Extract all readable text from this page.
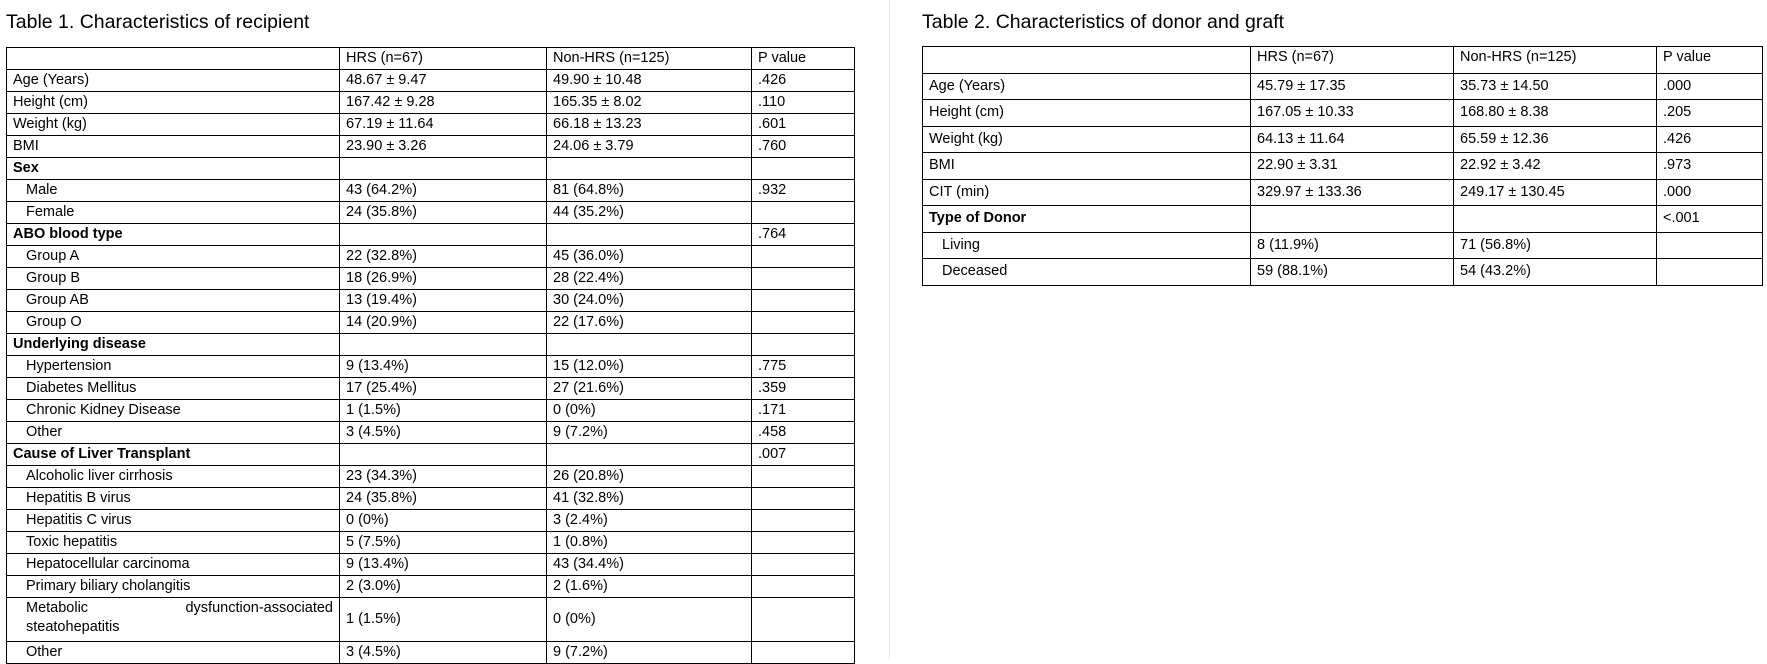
Table 1. Characteristics of recipient
	HRS (n=67)	Non-HRS (n=125)	P value
Age (Years)	48.67 ± 9.47	49.90 ± 10.48	.426
Height (cm)	167.42 ± 9.28	165.35 ± 8.02	.110
Weight (kg)	67.19 ± 11.64	66.18 ± 13.23	.601
BMI	23.90 ± 3.26	24.06 ± 3.79	.760
Sex			
Male	43 (64.2%)	81 (64.8%)	.932
Female	24 (35.8%)	44 (35.2%)	
ABO blood type			.764
Group A	22 (32.8%)	45 (36.0%)	
Group B	18 (26.9%)	28 (22.4%)	
Group AB	13 (19.4%)	30 (24.0%)	
Group O	14 (20.9%)	22 (17.6%)	
Underlying disease			
Hypertension	9 (13.4%)	15 (12.0%)	.775
Diabetes Mellitus	17 (25.4%)	27 (21.6%)	.359
Chronic Kidney Disease	1 (1.5%)	0 (0%)	.171
Other	3 (4.5%)	9 (7.2%)	.458
Cause of Liver Transplant			.007
Alcoholic liver cirrhosis	23 (34.3%)	26 (20.8%)	
Hepatitis B virus	24 (35.8%)	41 (32.8%)	
Hepatitis C virus	0 (0%)	3 (2.4%)	
Toxic hepatitis	5 (7.5%)	1 (0.8%)	
Hepatocellular carcinoma	9 (13.4%)	43 (34.4%)	
Primary biliary cholangitis	2 (3.0%)	2 (1.6%)	
Metabolic dysfunction-associated steatohepatitis	1 (1.5%)	0 (0%)	
Other	3 (4.5%)	9 (7.2%)	
Table 2. Characteristics of donor and graft
	HRS (n=67)	Non-HRS (n=125)	P value
Age (Years)	45.79 ± 17.35	35.73 ± 14.50	.000
Height (cm)	167.05 ± 10.33	168.80 ± 8.38	.205
Weight (kg)	64.13 ± 11.64	65.59 ± 12.36	.426
BMI	22.90 ± 3.31	22.92 ± 3.42	.973
CIT (min)	329.97 ± 133.36	249.17 ± 130.45	.000
Type of Donor			<.001
Living	8 (11.9%)	71 (56.8%)	
Deceased	59 (88.1%)	54 (43.2%)	
